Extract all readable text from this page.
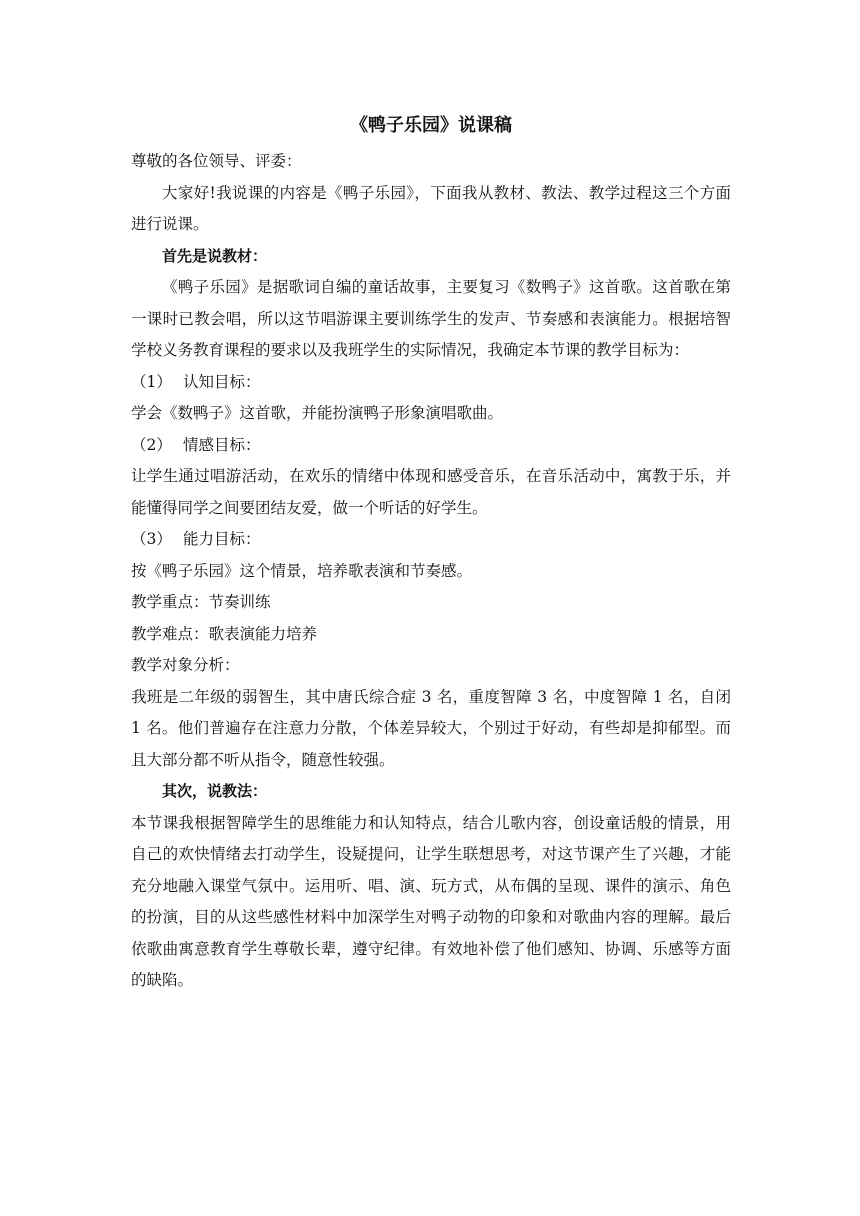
《鸭子乐园》说课稿

尊敬的各位领导、评委：

大家好!我说课的内容是《鸭子乐园》，下面我从教材、教法、教学过程这三个方面进行说课。

首先是说教材：

《鸭子乐园》是据歌词自编的童话故事，主要复习《数鸭子》这首歌。这首歌在第一课时已教会唱，所以这节唱游课主要训练学生的发声、节奏感和表演能力。根据培智学校义务教育课程的要求以及我班学生的实际情况，我确定本节课的教学目标为：

（1） 认知目标：

学会《数鸭子》这首歌，并能扮演鸭子形象演唱歌曲。

（2） 情感目标：

让学生通过唱游活动，在欢乐的情绪中体现和感受音乐，在音乐活动中，寓教于乐，并能懂得同学之间要团结友爱，做一个听话的好学生。

（3） 能力目标：

按《鸭子乐园》这个情景，培养歌表演和节奏感。

教学重点：节奏训练

教学难点：歌表演能力培养

教学对象分析：

我班是二年级的弱智生，其中唐氏综合症 3 名，重度智障 3 名，中度智障 1 名，自闭 1 名。他们普遍存在注意力分散，个体差异较大，个别过于好动，有些却是抑郁型。而且大部分都不听从指令，随意性较强。

其次，说教法：

本节课我根据智障学生的思维能力和认知特点，结合儿歌内容，创设童话般的情景，用自己的欢快情绪去打动学生，设疑提问，让学生联想思考，对这节课产生了兴趣，才能充分地融入课堂气氛中。运用听、唱、演、玩方式，从布偶的呈现、课件的演示、角色的扮演，目的从这些感性材料中加深学生对鸭子动物的印象和对歌曲内容的理解。最后依歌曲寓意教育学生尊敬长辈，遵守纪律。有效地补偿了他们感知、协调、乐感等方面的缺陷。
